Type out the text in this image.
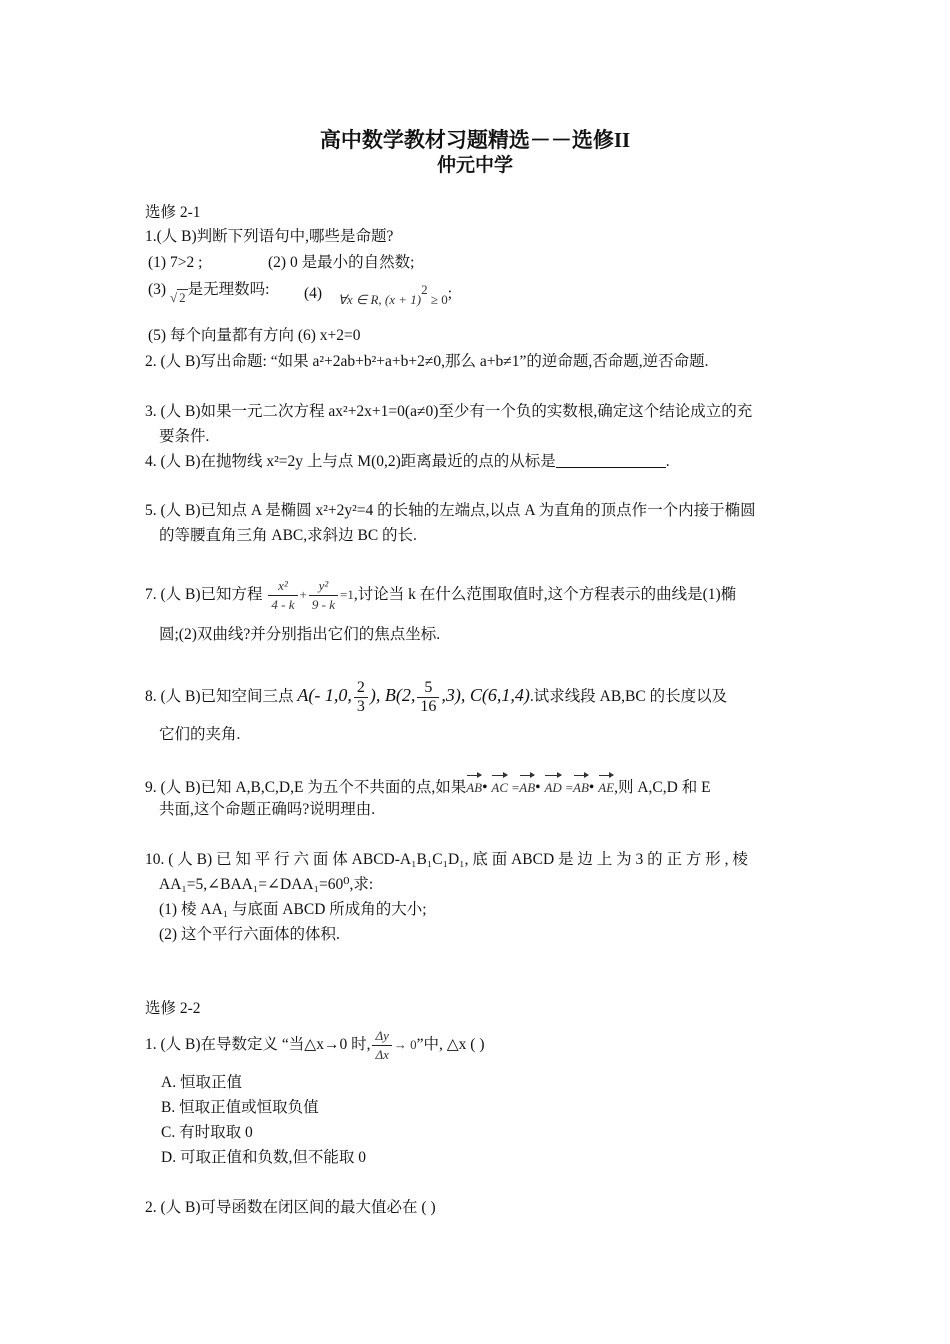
高中数学教材习题精选－－选修II
仲元中学
选修 2-1
1.(人 B)判断下列语句中,哪些是命题?
(1) 7>2 ;	(2) 0 是最小的自然数;
(3) √ 2 是无理数吗: (4) $_{\forall x \in R, (x + 1)}^2$ $_{\ge 0}$;
(5) 每个向量都有方向 (6) x+2=0
2. (人 B)写出命题: “如果 a²+2ab+b²+a+b+2≠0,那么 a+b≠1”的逆命题,否命题,逆否命题.
3. (人 B)如果一元二次方程 ax²+2x+1=0(a≠0)至少有一个负的实数根,确定这个结论成立的充
要条件.
4. (人 B)在抛物线 x²=2y 上与点 M(0,2)距离最近的点的从标是	.
5. (人 B)已知点 A 是椭圆 x²+2y²=4 的长轴的左端点,以点 A 为直角的顶点作一个内接于椭圆
的等腰直角三角 ABC,求斜边 BC 的长.
7. (人 B)已知方程 $\frac{\text{x²}}{4 - k} + \frac{\text{y²}}{9 - k} =1$,讨论当 k 在什么范围取值时,这个方程表示的曲线是(1)椭
圆;(2)双曲线?并分别指出它们的焦点坐标.
8. (人 B)已知空间三点 A(- 1,0, $\frac{2}{3}$ ), B(2, $\frac{5}{16} ,3$), C(6,1,4).试求线段 AB,BC 的长度以及
它们的夹角.
9. (人 B)已知 A,B,C,D,E 为五个不共面的点,如果AB• AC =AB• AD =AB• AE,则 A,C,D 和 E
共面,这个命题正确吗?说明理由.
10. ( 人 B) 已 知 平 行 六 面 体 ABCD-A₁B₁C₁D₁, 底 面 ABCD 是 边 上 为 3 的 正 方 形 , 棱
AA₁=5,∠BAA₁=∠DAA₁=60⁰,求:
(1) 棱 AA₁ 与底面 ABCD 所成角的大小;
(2) 这个平行六面体的体积.
选修 2-2
1. (人 B)在导数定义 “当△x→0 时, $\frac{\Delta y}{\Delta x} \to 0$”中, △x ( )
A. 恒取正值
B. 恒取正值或恒取负值
C. 有时取取 0
D. 可取正值和负数,但不能取 0
2. (人 B)可导函数在闭区间的最大值必在 ( )
